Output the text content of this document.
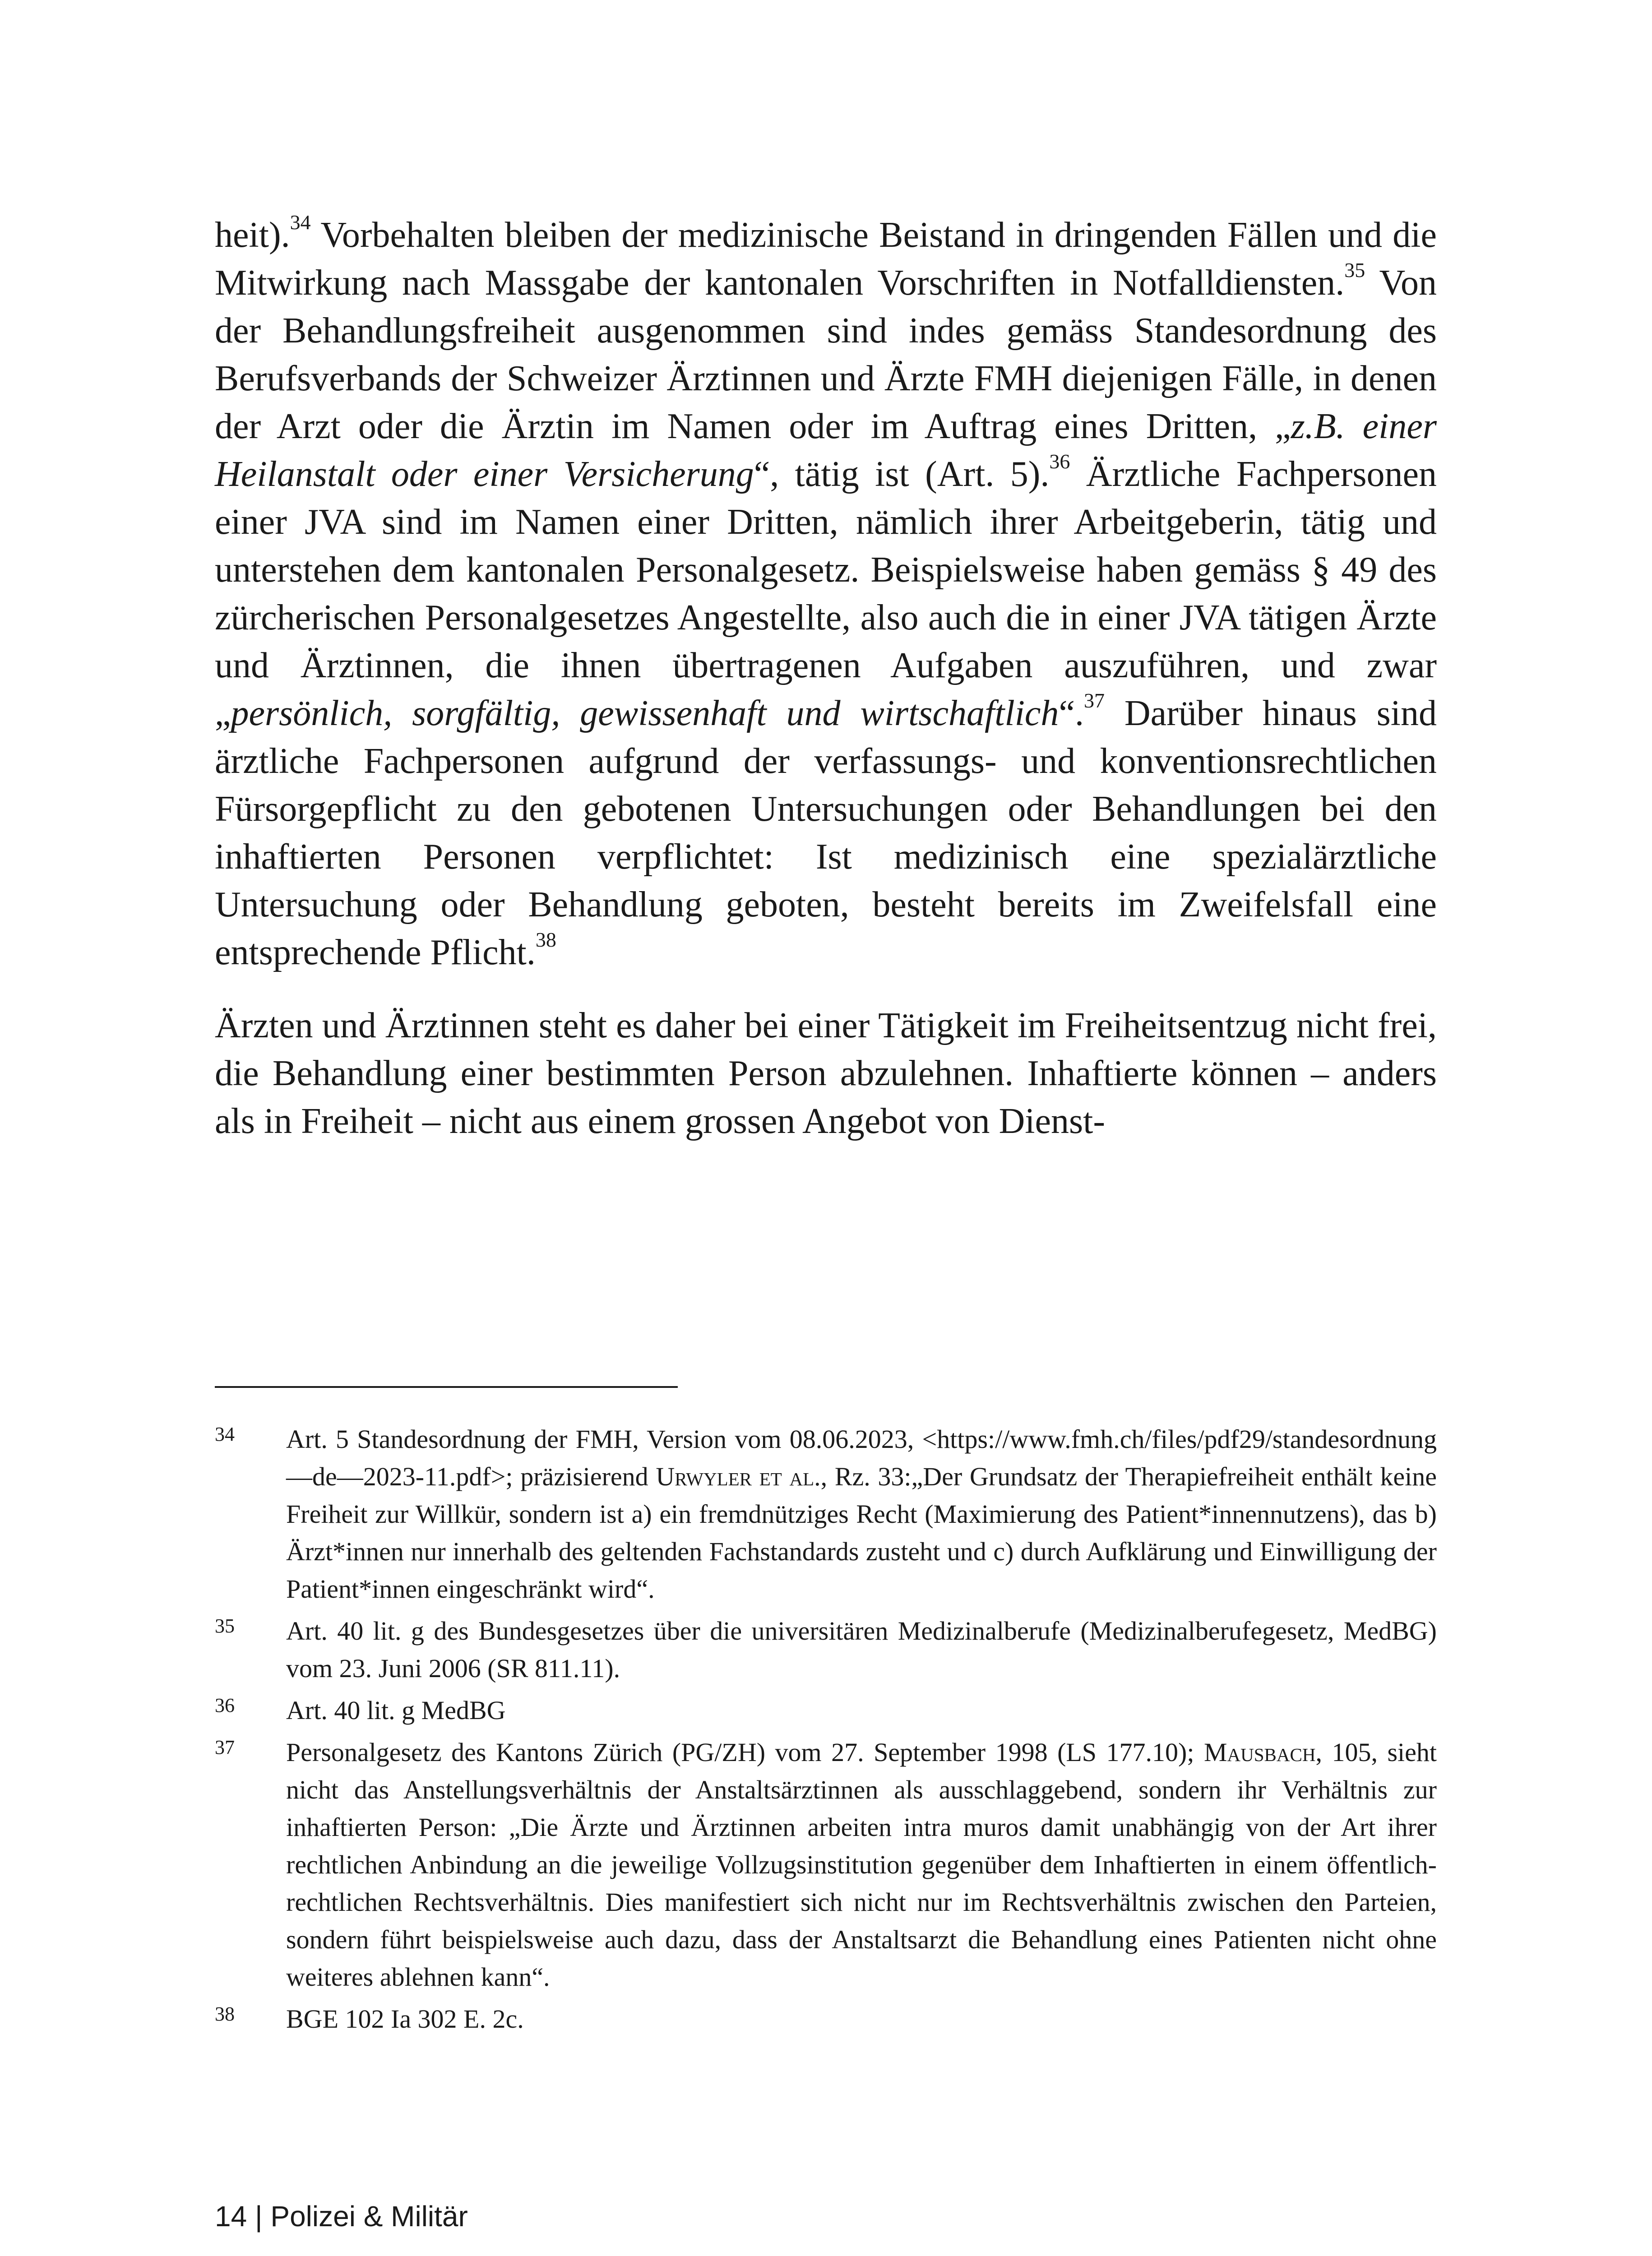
heit).$^{34}$ Vorbehalten bleiben der medizinische Beistand in dringenden Fällen und die Mitwirkung nach Massgabe der kantonalen Vorschriften in Notfalldiensten.$^{35}$ Von der Behandlungsfreiheit ausgenommen sind indes gemäss Standesordnung des Berufsverbands der Schweizer Ärztinnen und Ärzte FMH diejenigen Fälle, in denen der Arzt oder die Ärztin im Namen oder im Auftrag eines Dritten, „z.B. einer Heilanstalt oder einer Versicherung“, tätig ist (Art. 5).$^{36}$ Ärztliche Fachpersonen einer JVA sind im Namen einer Dritten, nämlich ihrer Arbeitgeberin, tätig und unterstehen dem kantonalen Personalgesetz. Beispielsweise haben gemäss § 49 des zürcherischen Personalgesetzes Angestellte, also auch die in einer JVA tätigen Ärzte und Ärztinnen, die ihnen übertragenen Aufgaben auszuführen, und zwar „persönlich, sorgfältig, gewissenhaft und wirtschaftlich“.$^{37}$ Darüber hinaus sind ärztliche Fachpersonen aufgrund der verfassungs- und konventionsrechtlichen Fürsorgepflicht zu den gebotenen Untersuchungen oder Behandlungen bei den inhaftierten Personen verpflichtet: Ist medizinisch eine spezialärztliche Untersuchung oder Behandlung geboten, besteht bereits im Zweifelsfall eine entsprechende Pflicht.$^{38}$

Ärzten und Ärztinnen steht es daher bei einer Tätigkeit im Freiheitsentzug nicht frei, die Behandlung einer bestimmten Person abzulehnen. Inhaftierte können – anders als in Freiheit – nicht aus einem grossen Angebot von Dienst-

34	Art. 5 Standesordnung der FMH, Version vom 08.06.2023, <https://www.fmh.ch/files/pdf29/standesordnung—de—2023-11.pdf>; präzisierend Urwyler et al., Rz. 33:„Der Grundsatz der Therapiefreiheit enthält keine Freiheit zur Willkür, sondern ist a) ein fremdnütziges Recht (Maximierung des Patient*innennutzens), das b) Ärzt*innen nur innerhalb des geltenden Fachstandards zusteht und c) durch Aufklärung und Einwilligung der Patient*innen eingeschränkt wird“.
35	Art. 40 lit. g des Bundesgesetzes über die universitären Medizinalberufe (Medizinalberufegesetz, MedBG) vom 23. Juni 2006 (SR 811.11).
36	Art. 40 lit. g MedBG
37	Personalgesetz des Kantons Zürich (PG/ZH) vom 27. September 1998 (LS 177.10); Mausbach, 105, sieht nicht das Anstellungsverhältnis der Anstaltsärztinnen als ausschlaggebend, sondern ihr Verhältnis zur inhaftierten Person: „Die Ärzte und Ärztinnen arbeiten intra muros damit unabhängig von der Art ihrer rechtlichen Anbindung an die jeweilige Vollzugsinstitution gegenüber dem Inhaftierten in einem öffentlich-rechtlichen Rechtsverhältnis. Dies manifestiert sich nicht nur im Rechtsverhältnis zwischen den Parteien, sondern führt beispielsweise auch dazu, dass der Anstaltsarzt die Behandlung eines Patienten nicht ohne weiteres ablehnen kann“.
38	BGE 102 Ia 302 E. 2c.
14 | Polizei & Militär
